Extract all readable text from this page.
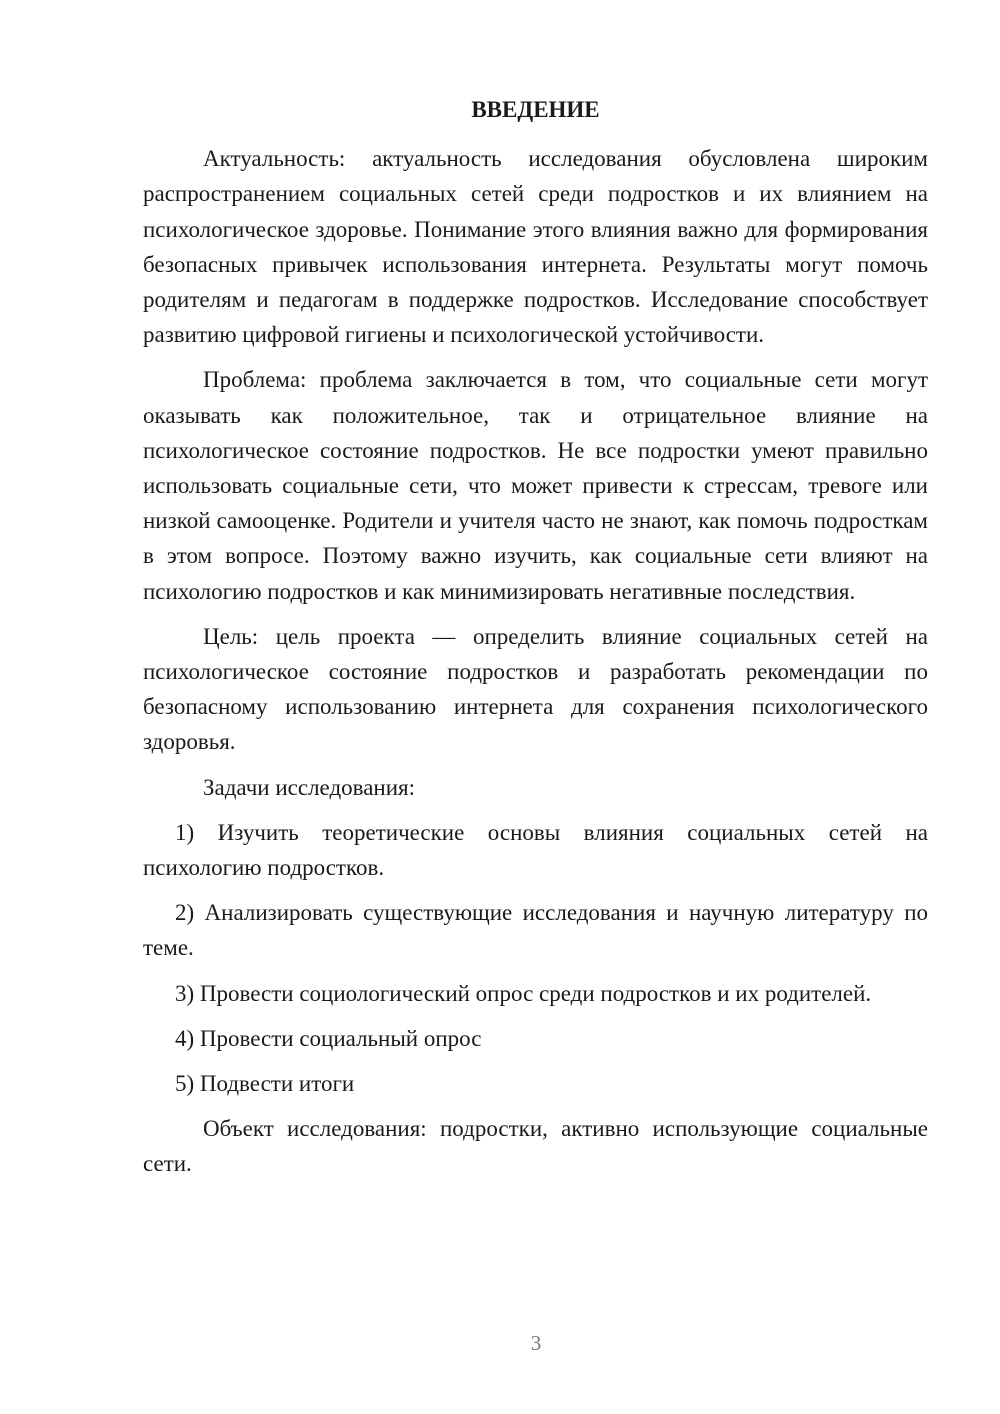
ВВЕДЕНИЕ

Актуальность: актуальность исследования обусловлена широким распространением социальных сетей среди подростков и их влиянием на психологическое здоровье. Понимание этого влияния важно для формирования безопасных привычек использования интернета. Результаты могут помочь родителям и педагогам в поддержке подростков. Исследование способствует развитию цифровой гигиены и психологической устойчивости.

Проблема: проблема заключается в том, что социальные сети могут оказывать как положительное, так и отрицательное влияние на психологическое состояние подростков. Не все подростки умеют правильно использовать социальные сети, что может привести к стрессам, тревоге или низкой самооценке. Родители и учителя часто не знают, как помочь подросткам в этом вопросе. Поэтому важно изучить, как социальные сети влияют на психологию подростков и как минимизировать негативные последствия.

Цель: цель проекта — определить влияние социальных сетей на психологическое состояние подростков и разработать рекомендации по безопасному использованию интернета для сохранения психологического здоровья.

Задачи исследования:

1) Изучить теоретические основы влияния социальных сетей на психологию подростков.

2) Анализировать существующие исследования и научную литературу по теме.

3) Провести социологический опрос среди подростков и их родителей.

4) Провести социальный опрос

5) Подвести итоги

Объект исследования: подростки, активно использующие социальные сети.

3
